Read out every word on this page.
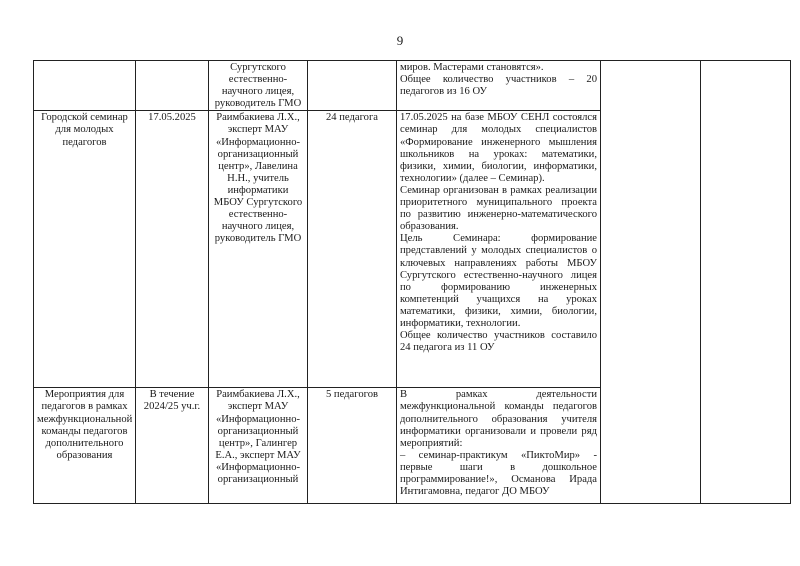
9
		Сургутского естественно-научного лицея, руководитель ГМО		миров. Мастерами становятся».

Общее количество участников – 20 педагогов из 16 ОУ		

Городской семинар для молодых педагогов	17.05.2025	Раимбакиева Л.Х., эксперт МАУ «Информационно-организационный центр», Лавелина Н.Н., учитель информатики МБОУ Сургутского естественно-научного лицея, руководитель ГМО	24 педагога	17.05.2025 на базе МБОУ СЕНЛ состоялся семинар для молодых специалистов «Формирование инженерного мышления школьников на уроках: математики, физики, химии, биологии, информатики, технологии» (далее – Семинар).

Семинар организован в рамках реализации приоритетного муниципального проекта по развитию инженерно-математического образования.

Цель Семинара: формирование представлений у молодых специалистов о ключевых направлениях работы МБОУ Сургутского естественно-научного лицея по формированию инженерных компетенций учащихся на уроках математики, физики, химии, биологии, информатики, технологии.

Общее количество участников составило 24 педагога из 11 ОУ		

Мероприятия для педагогов в рамках межфункциональной команды педагогов дополнительного образования	В течение 2024/25 уч.г.	Раимбакиева Л.Х., эксперт МАУ «Информационно-организационный центр», Галингер Е.А., эксперт МАУ «Информационно-организационный	5 педагогов	В рамках деятельности межфункциональной команды педагогов дополнительного образования учителя информатики организовали и провели ряд мероприятий:

– семинар-практикум «ПиктоМир» - первые шаги в дошкольное программирование!», Османова Ирада Интигамовна, педагог ДО МБОУ		
